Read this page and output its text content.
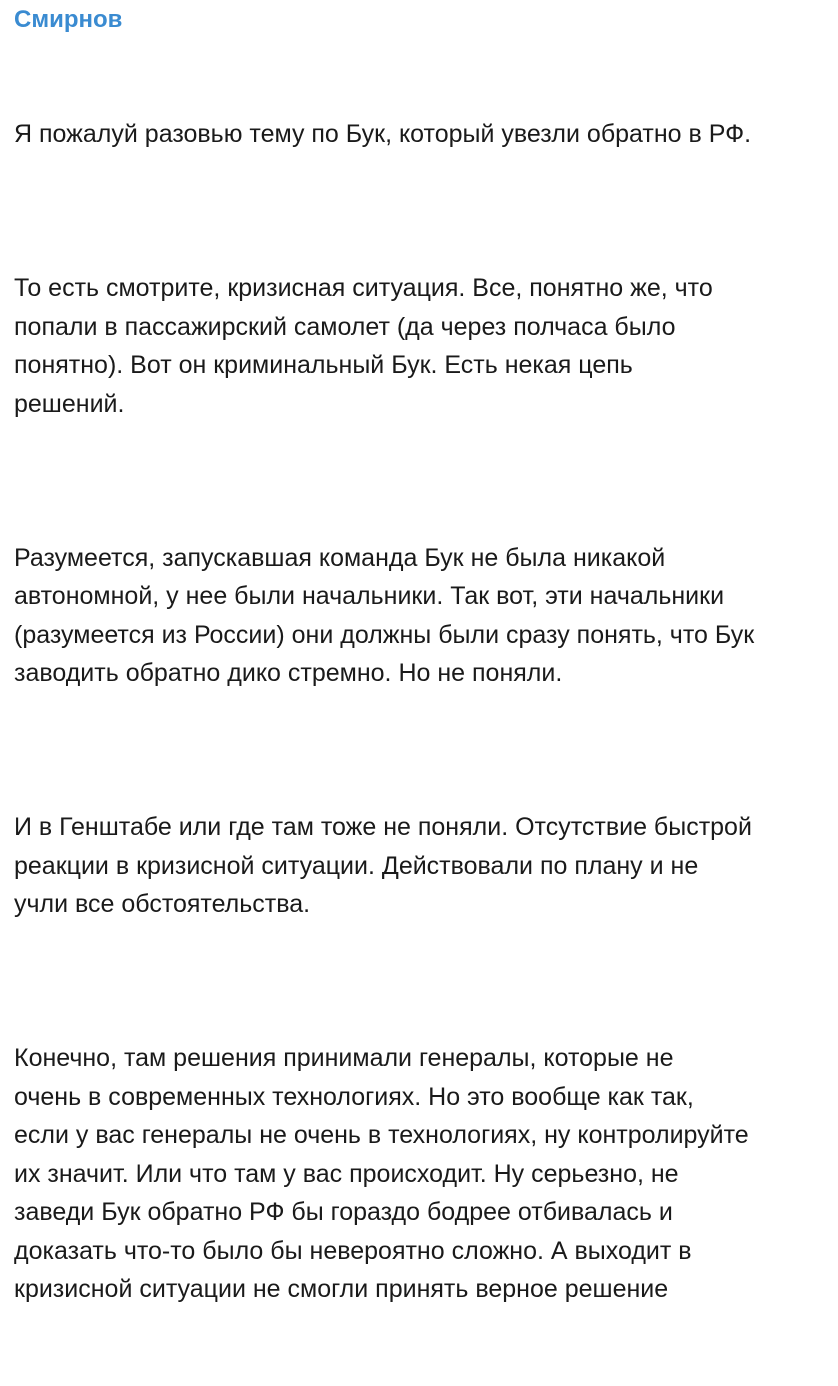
Смирнов

Я пожалуй разовью тему по Бук, который увезли обратно в РФ.

То есть смотрите, кризисная ситуация. Все, понятно же, что
попали в пассажирский самолет (да через полчаса было
понятно). Вот он криминальный Бук. Есть некая цепь
решений.

Разумеется, запускавшая команда Бук не была никакой
автономной, у нее были начальники. Так вот, эти начальники
(разумеется из России) они должны были сразу понять, что Бук
заводить обратно дико стремно. Но не поняли.

И в Генштабе или где там тоже не поняли. Отсутствие быстрой
реакции в кризисной ситуации. Действовали по плану и не
учли все обстоятельства.

Конечно, там решения принимали генералы, которые не
очень в современных технологиях. Но это вообще как так,
если у вас генералы не очень в технологиях, ну контролируйте
их значит. Или что там у вас происходит. Ну серьезно, не
заведи Бук обратно РФ бы гораздо бодрее отбивалась и
доказать что-то было бы невероятно сложно. А выходит в
кризисной ситуации не смогли принять верное решение
